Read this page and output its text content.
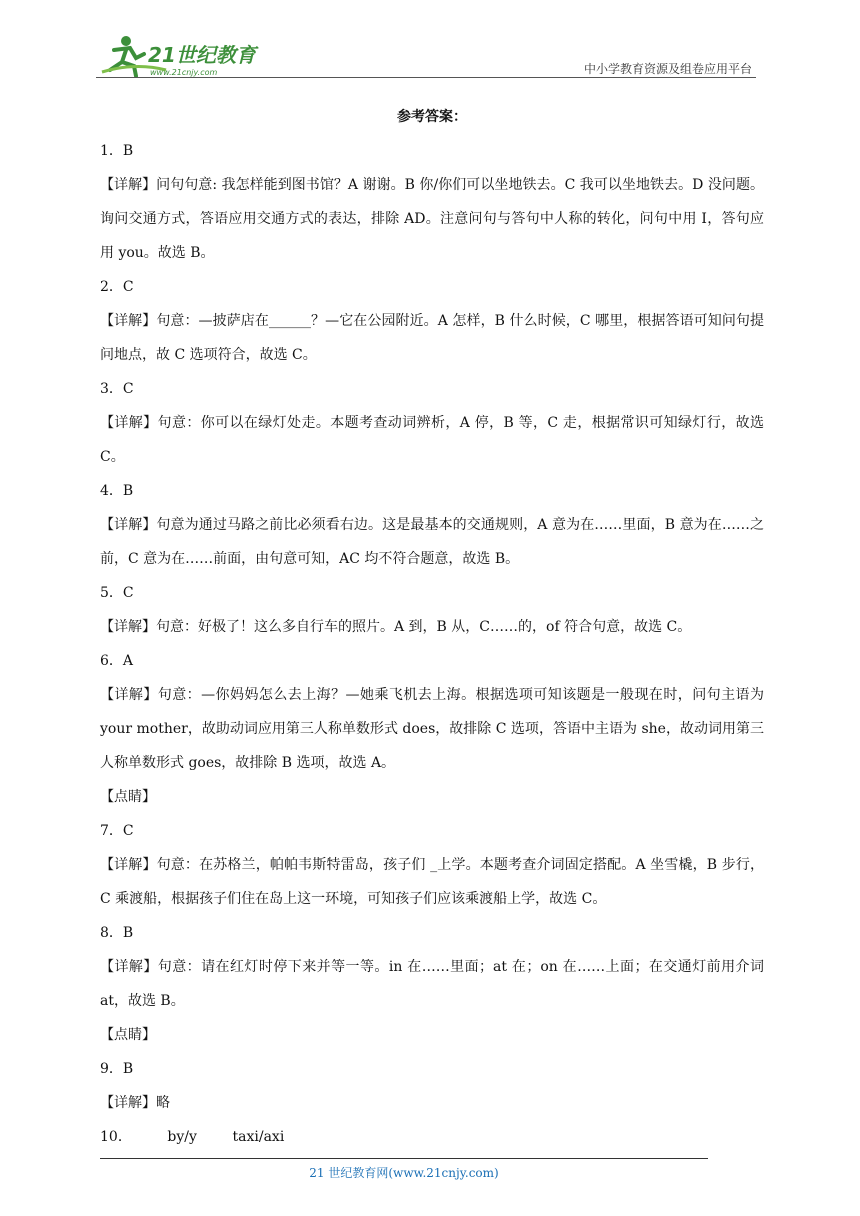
21世纪教育
www.21cnjy.com	中小学教育资源及组卷应用平台

参考答案：

1．B

【详解】问句句意: 我怎样能到图书馆？A 谢谢。B 你/你们可以坐地铁去。C 我可以坐地铁去。D 没问题。询问交通方式，答语应用交通方式的表达，排除 AD。注意问句与答句中人称的转化，问句中用 I，答句应用 you。故选 B。

2．C

【详解】句意：—披萨店在______？—它在公园附近。A 怎样，B 什么时候，C 哪里，根据答语可知问句提问地点，故 C 选项符合，故选 C。

3．C

【详解】句意：你可以在绿灯处走。本题考查动词辨析，A 停，B 等，C 走，根据常识可知绿灯行，故选 C。

4．B

【详解】句意为通过马路之前比必须看右边。这是最基本的交通规则，A 意为在……里面，B 意为在……之前，C 意为在……前面，由句意可知，AC 均不符合题意，故选 B。

5．C

【详解】句意：好极了！这么多自行车的照片。A 到，B 从，C……的，of 符合句意，故选 C。

6．A

【详解】句意：—你妈妈怎么去上海？—她乘飞机去上海。根据选项可知该题是一般现在时，问句主语为 your mother，故助动词应用第三人称单数形式 does，故排除 C 选项，答语中主语为 she，故动词用第三人称单数形式 goes，故排除 B 选项，故选 A。

【点睛】

7．C

【详解】句意：在苏格兰，帕帕韦斯特雷岛，孩子们 _上学。本题考查介词固定搭配。A 坐雪橇，B 步行， C 乘渡船，根据孩子们住在岛上这一环境，可知孩子们应该乘渡船上学，故选 C。

8．B

【详解】句意：请在红灯时停下来并等一等。in 在……里面；at 在；on 在……上面；在交通灯前用介词 at，故选 B。

【点睛】

9．B

【详解】略

10．        by/y        taxi/axi

21 世纪教育网(www.21cnjy.com)
